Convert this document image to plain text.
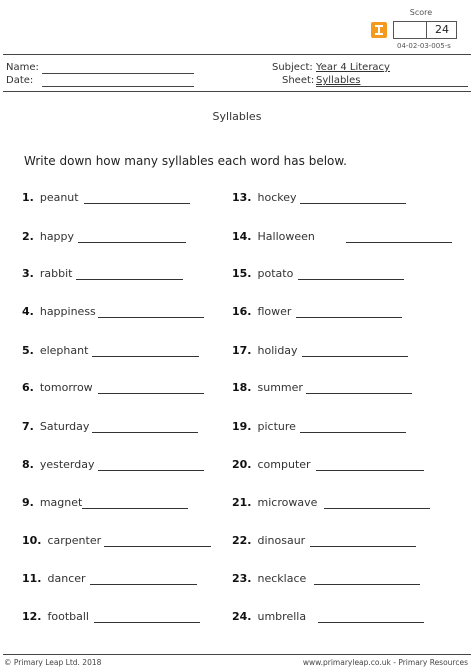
Score
24
04-02-03-005-s
Name:
Date:
Subject: Year 4 Literacy
Sheet: Syllables
Syllables
Write down how many syllables each word has below.
1. peanut
2. happy
3. rabbit
4. happiness
5. elephant
6. tomorrow
7. Saturday
8. yesterday
9. magnet
10. carpenter
11. dancer
12. football
13. hockey
14. Halloween
15. potato
16. flower
17. holiday
18. summer
19. picture
20. computer
21. microwave
22. dinosaur
23. necklace
24. umbrella
© Primary Leap Ltd. 2018	www.primaryleap.co.uk - Primary Resources
